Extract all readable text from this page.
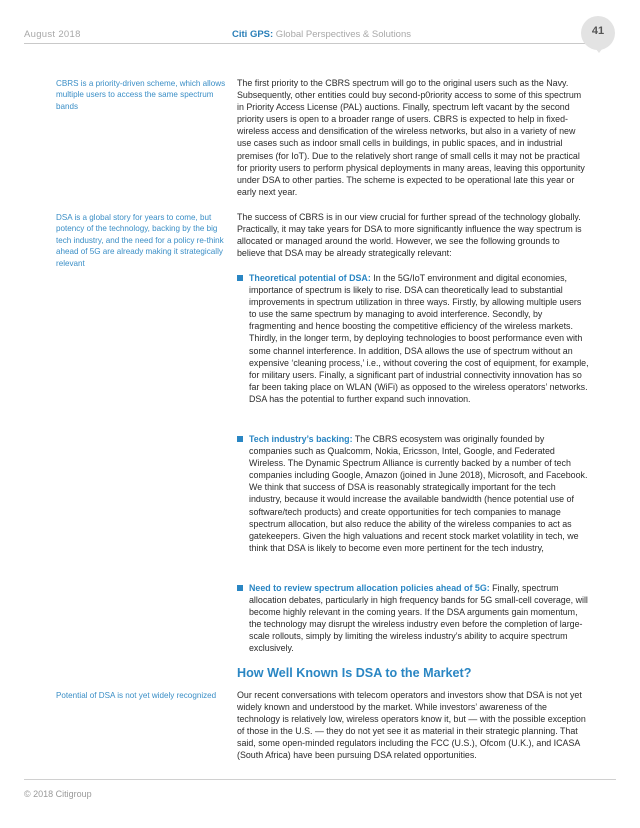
August 2018	Citi GPS: Global Perspectives & Solutions	41
CBRS is a priority-driven scheme, which allows multiple users to access the same spectrum bands
DSA is a global story for years to come, but potency of the technology, backing by the big tech industry, and the need for a policy re-think ahead of 5G are already making it strategically relevant
Potential of DSA is not yet widely recognized

The first priority to the CBRS spectrum will go to the original users such as the Navy. Subsequently, other entities could buy second-p0riority access to some of this spectrum in Priority Access License (PAL) auctions. Finally, spectrum left vacant by the second priority users is open to a broader range of users. CBRS is expected to help in fixed-wireless access and densification of the wireless networks, but also in a variety of new use cases such as indoor small cells in buildings, in public spaces, and in industrial premises (for IoT). Due to the relatively short range of small cells it may not be practical for priority users to perform physical deployments in many areas, leaving this opportunity under DSA to other parties. The scheme is expected to be operational late this year or early next year.

The success of CBRS is in our view crucial for further spread of the technology globally. Practically, it may take years for DSA to more significantly influence the way spectrum is allocated or managed around the world. However, we see the following grounds to believe that DSA may be already strategically relevant:

Theoretical potential of DSA: In the 5G/IoT environment and digital economies, importance of spectrum is likely to rise. DSA can theoretically lead to substantial improvements in spectrum utilization in three ways. Firstly, by allowing multiple users to use the same spectrum by managing to avoid interference. Secondly, by fragmenting and hence boosting the competitive efficiency of the wireless markets. Thirdly, in the longer term, by deploying technologies to boost performance even with some channel interference. In addition, DSA allows the use of spectrum without an expensive ‘cleaning process,’ i.e., without covering the cost of equipment, for example, for military users. Finally, a significant part of industrial connectivity innovation has so far been taking place on WLAN (WiFi) as opposed to the wireless operators’ networks. DSA has the potential to further expand such innovation.
Tech industry’s backing: The CBRS ecosystem was originally founded by companies such as Qualcomm, Nokia, Ericsson, Intel, Google, and Federated Wireless. The Dynamic Spectrum Alliance is currently backed by a number of tech companies including Google, Amazon (joined in June 2018), Microsoft, and Facebook. We think that success of DSA is reasonably strategically important for the tech industry, because it would increase the available bandwidth (hence potential use of software/tech products) and create opportunities for tech companies to manage spectrum allocation, but also reduce the ability of the wireless companies to act as gatekeepers. Given the high valuations and recent stock market volatility in tech, we think that DSA is likely to become even more pertinent for the tech industry,
Need to review spectrum allocation policies ahead of 5G: Finally, spectrum allocation debates, particularly in high frequency bands for 5G small-cell coverage, will become highly relevant in the coming years. If the DSA arguments gain momentum, the technology may disrupt the wireless industry even before the completion of large-scale rollouts, simply by limiting the wireless industry’s ability to acquire spectrum exclusively.
How Well Known Is DSA to the Market?

Our recent conversations with telecom operators and investors show that DSA is not yet widely known and understood by the market. While investors’ awareness of the technology is relatively low, wireless operators know it, but — with the possible exception of those in the U.S. — they do not yet see it as material in their strategic planning. That said, some open-minded regulators including the FCC (U.S.), Ofcom (U.K.), and ICASA (South Africa) have been pursuing DSA related opportunities.

© 2018 Citigroup
